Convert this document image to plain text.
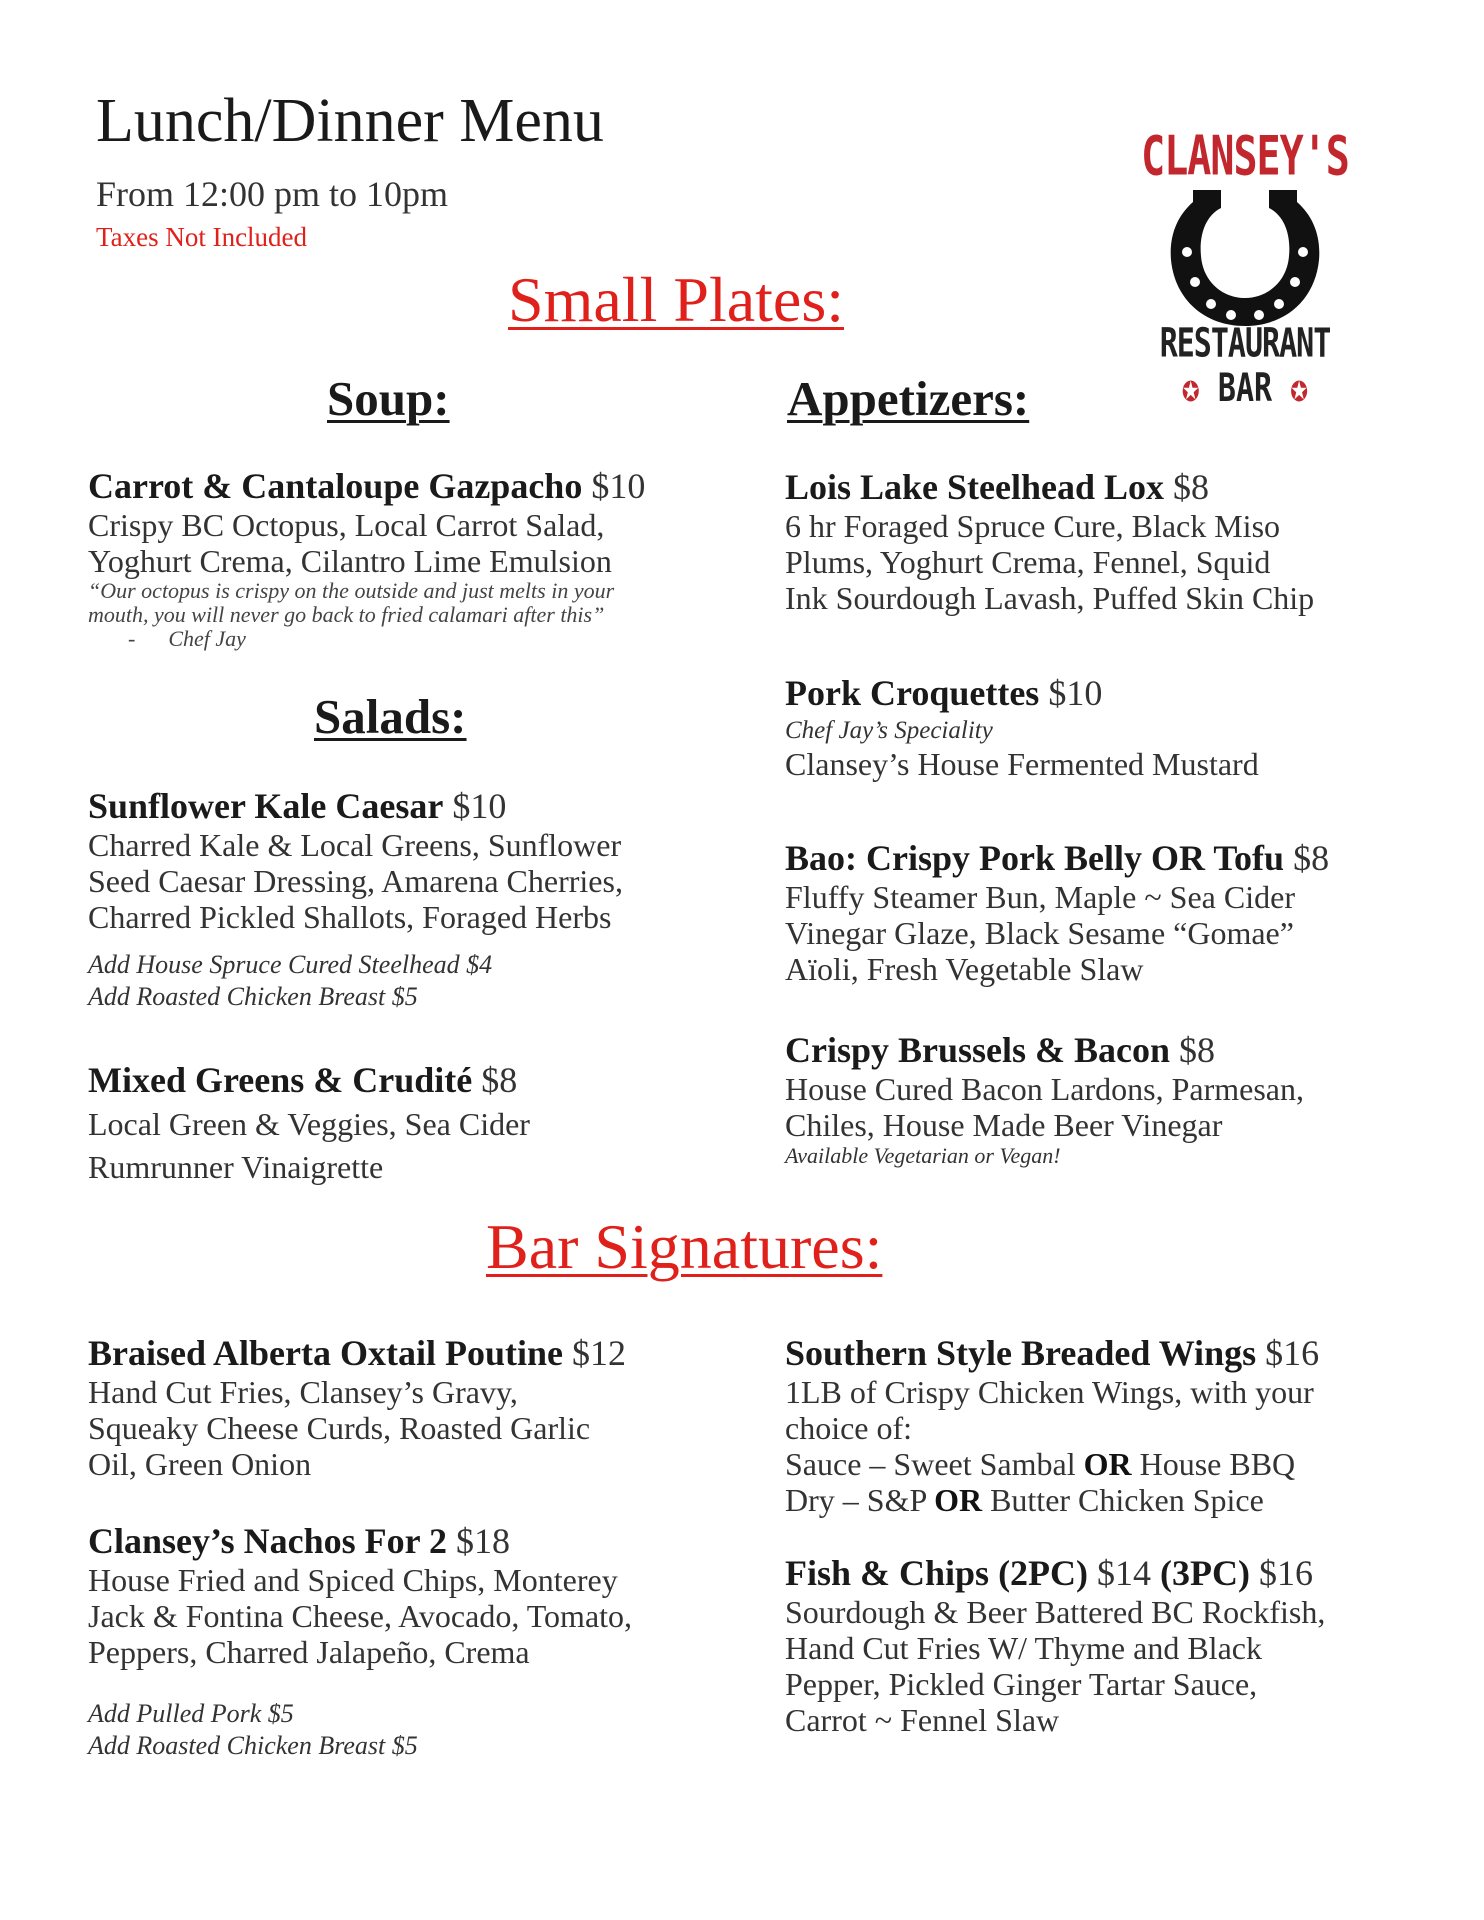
Lunch/Dinner Menu
From 12:00 pm to 10pm
Taxes Not Included
CLANSEY'S
RESTAURANT
✪ BAR ✪
Small Plates:
Soup:	Appetizers:
Carrot & Cantaloupe Gazpacho $10
Crispy BC Octopus, Local Carrot Salad,
Yoghurt Crema, Cilantro Lime Emulsion
“Our octopus is crispy on the outside and just melts in your
mouth, you will never go back to fried calamari after this”
-      Chef Jay
Salads:
Sunflower Kale Caesar $10
Charred Kale & Local Greens, Sunflower
Seed Caesar Dressing, Amarena Cherries,
Charred Pickled Shallots, Foraged Herbs
Add House Spruce Cured Steelhead $4
Add Roasted Chicken Breast $5
Mixed Greens & Crudité $8
Local Green & Veggies, Sea Cider
Rumrunner Vinaigrette
Lois Lake Steelhead Lox $8
6 hr Foraged Spruce Cure, Black Miso
Plums, Yoghurt Crema, Fennel, Squid
Ink Sourdough Lavash, Puffed Skin Chip
Pork Croquettes $10
Chef Jay’s Speciality
Clansey’s House Fermented Mustard
Bao: Crispy Pork Belly OR Tofu $8
Fluffy Steamer Bun, Maple ~ Sea Cider
Vinegar Glaze, Black Sesame “Gomae”
Aïoli, Fresh Vegetable Slaw
Crispy Brussels & Bacon $8
House Cured Bacon Lardons, Parmesan,
Chiles, House Made Beer Vinegar
Available Vegetarian or Vegan!
Bar Signatures:
Braised Alberta Oxtail Poutine $12
Hand Cut Fries, Clansey’s Gravy,
Squeaky Cheese Curds, Roasted Garlic
Oil, Green Onion
Clansey’s Nachos For 2 $18
House Fried and Spiced Chips, Monterey
Jack & Fontina Cheese, Avocado, Tomato,
Peppers, Charred Jalapeño, Crema
Add Pulled Pork $5
Add Roasted Chicken Breast $5
Southern Style Breaded Wings $16
1LB of Crispy Chicken Wings, with your
choice of:
Sauce – Sweet Sambal OR House BBQ
Dry – S&P OR Butter Chicken Spice
Fish & Chips (2PC) $14 (3PC) $16
Sourdough & Beer Battered BC Rockfish,
Hand Cut Fries W/ Thyme and Black
Pepper, Pickled Ginger Tartar Sauce,
Carrot ~ Fennel Slaw
